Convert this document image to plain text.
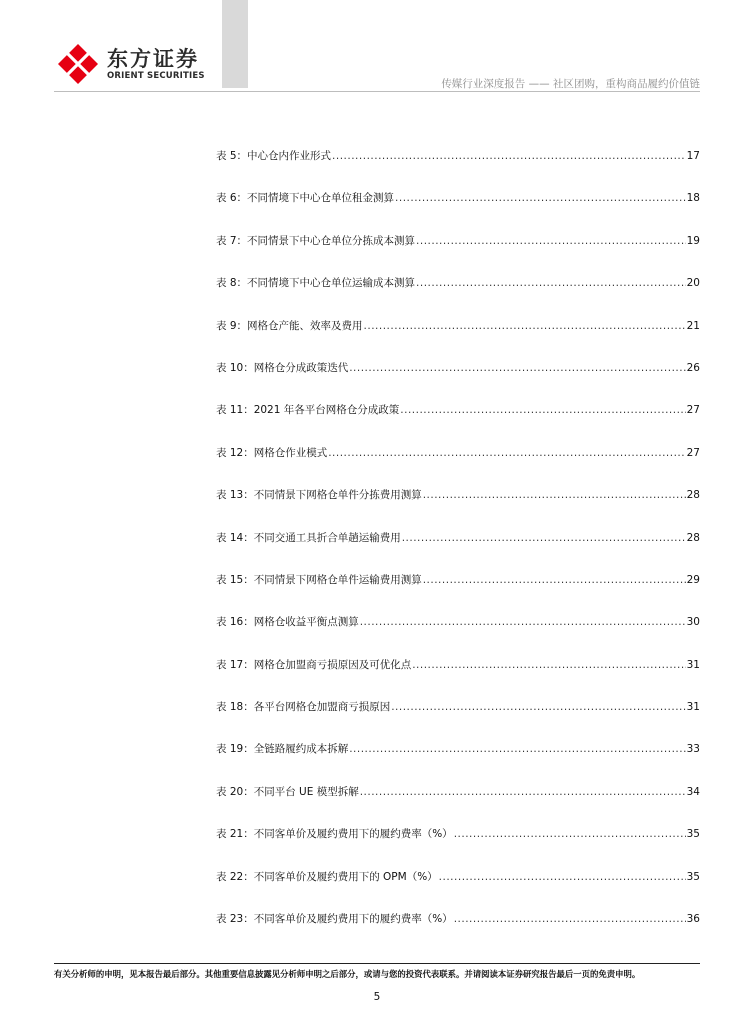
东方证券
ORIENT SECURITIES
传媒行业深度报告 —— 社区团购，重构商品履约价值链
表 5：中心仓内作业形式 .....	17
表 6：不同情境下中心仓单位租金测算 .....	18
表 7：不同情景下中心仓单位分拣成本测算 .....	19
表 8：不同情境下中心仓单位运输成本测算 .....	20
表 9：网格仓产能、效率及费用 .....	21
表 10：网格仓分成政策迭代 .....	26
表 11：2021 年各平台网格仓分成政策 .....	27
表 12：网格仓作业模式 .....	27
表 13：不同情景下网格仓单件分拣费用测算 .....	28
表 14：不同交通工具折合单趟运输费用 .....	28
表 15：不同情景下网格仓单件运输费用测算 .....	29
表 16：网格仓收益平衡点测算 .....	30
表 17：网格仓加盟商亏损原因及可优化点 .....	31
表 18：各平台网格仓加盟商亏损原因 .....	31
表 19：全链路履约成本拆解 .....	33
表 20：不同平台 UE 模型拆解 .....	34
表 21：不同客单价及履约费用下的履约费率（%） .....	35
表 22：不同客单价及履约费用下的 OPM（%） .....	35
表 23：不同客单价及履约费用下的履约费率（%） .....	36
有关分析师的申明，见本报告最后部分。其他重要信息披露见分析师申明之后部分，或请与您的投资代表联系。并请阅读本证券研究报告最后一页的免责申明。
5
